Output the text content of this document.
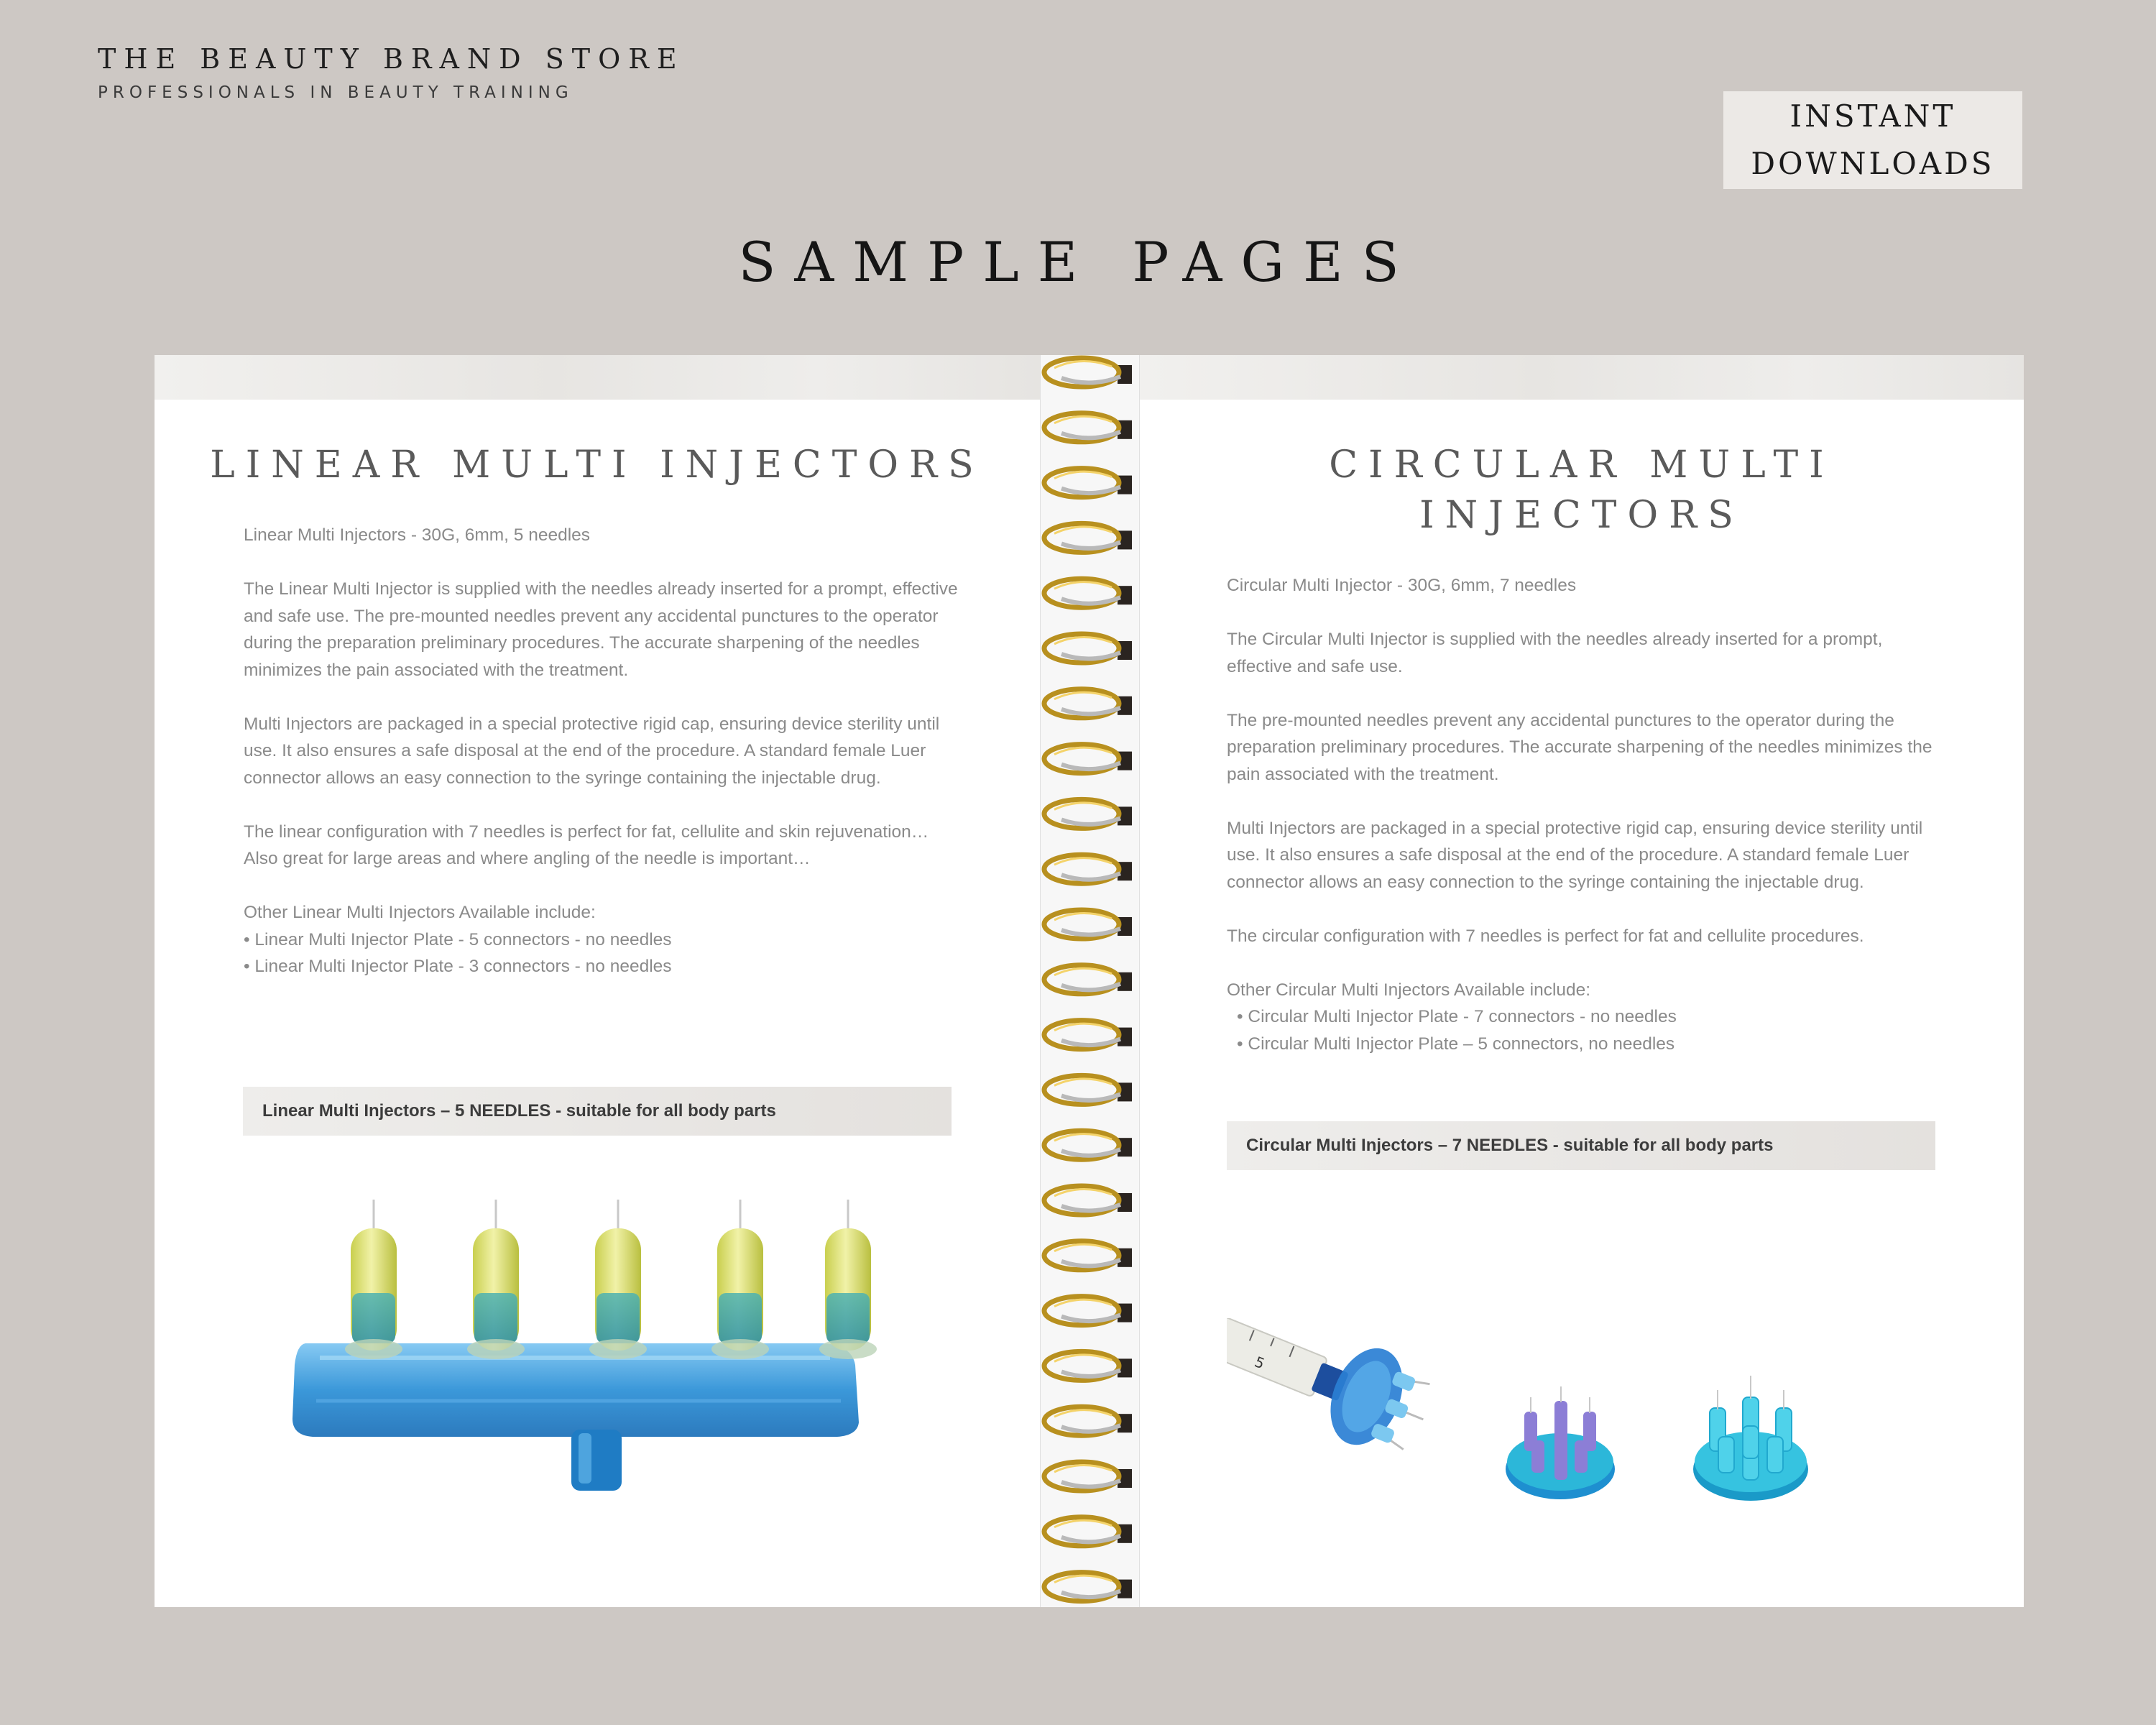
THE BEAUTY BRAND STORE
PROFESSIONALS IN BEAUTY TRAINING
INSTANT
DOWNLOADS
SAMPLE PAGES
LINEAR MULTI INJECTORS

Linear Multi Injectors - 30G, 6mm, 5 needles

The Linear Multi Injector is supplied with the needles already inserted for a prompt, effective and safe use. The pre-mounted needles prevent any accidental punctures to the operator during the preparation preliminary procedures. The accurate sharpening of the needles minimizes the pain associated with the treatment.

Multi Injectors are packaged in a special protective rigid cap, ensuring device sterility until use. It also ensures a safe disposal at the end of the procedure. A standard female Luer connector allows an easy connection to the syringe containing the injectable drug.

The linear configuration with 7 needles is perfect for fat, cellulite and skin rejuvenation… Also great for large areas and where angling of the needle is important…

Other Linear Multi Injectors Available include:
• Linear Multi Injector Plate - 5 connectors - no needles
• Linear Multi Injector Plate - 3 connectors - no needles
Linear Multi Injectors – 5 NEEDLES - suitable for all body parts
CIRCULAR MULTI
INJECTORS

Circular Multi Injector - 30G, 6mm, 7 needles

The Circular Multi Injector is supplied with the needles already inserted for a prompt, effective and safe use.

The pre-mounted needles prevent any accidental punctures to the operator during the preparation preliminary procedures. The accurate sharpening of the needles minimizes the pain associated with the treatment.

Multi Injectors are packaged in a special protective rigid cap, ensuring device sterility until use. It also ensures a safe disposal at the end of the procedure. A standard female Luer connector allows an easy connection to the syringe containing the injectable drug.

The circular configuration with 7 needles is perfect for fat and cellulite procedures.

Other Circular Multi Injectors Available include:
• Circular Multi Injector Plate - 7 connectors - no needles
• Circular Multi Injector Plate – 5 connectors, no needles
Circular Multi Injectors – 7 NEEDLES - suitable for all body parts
5
